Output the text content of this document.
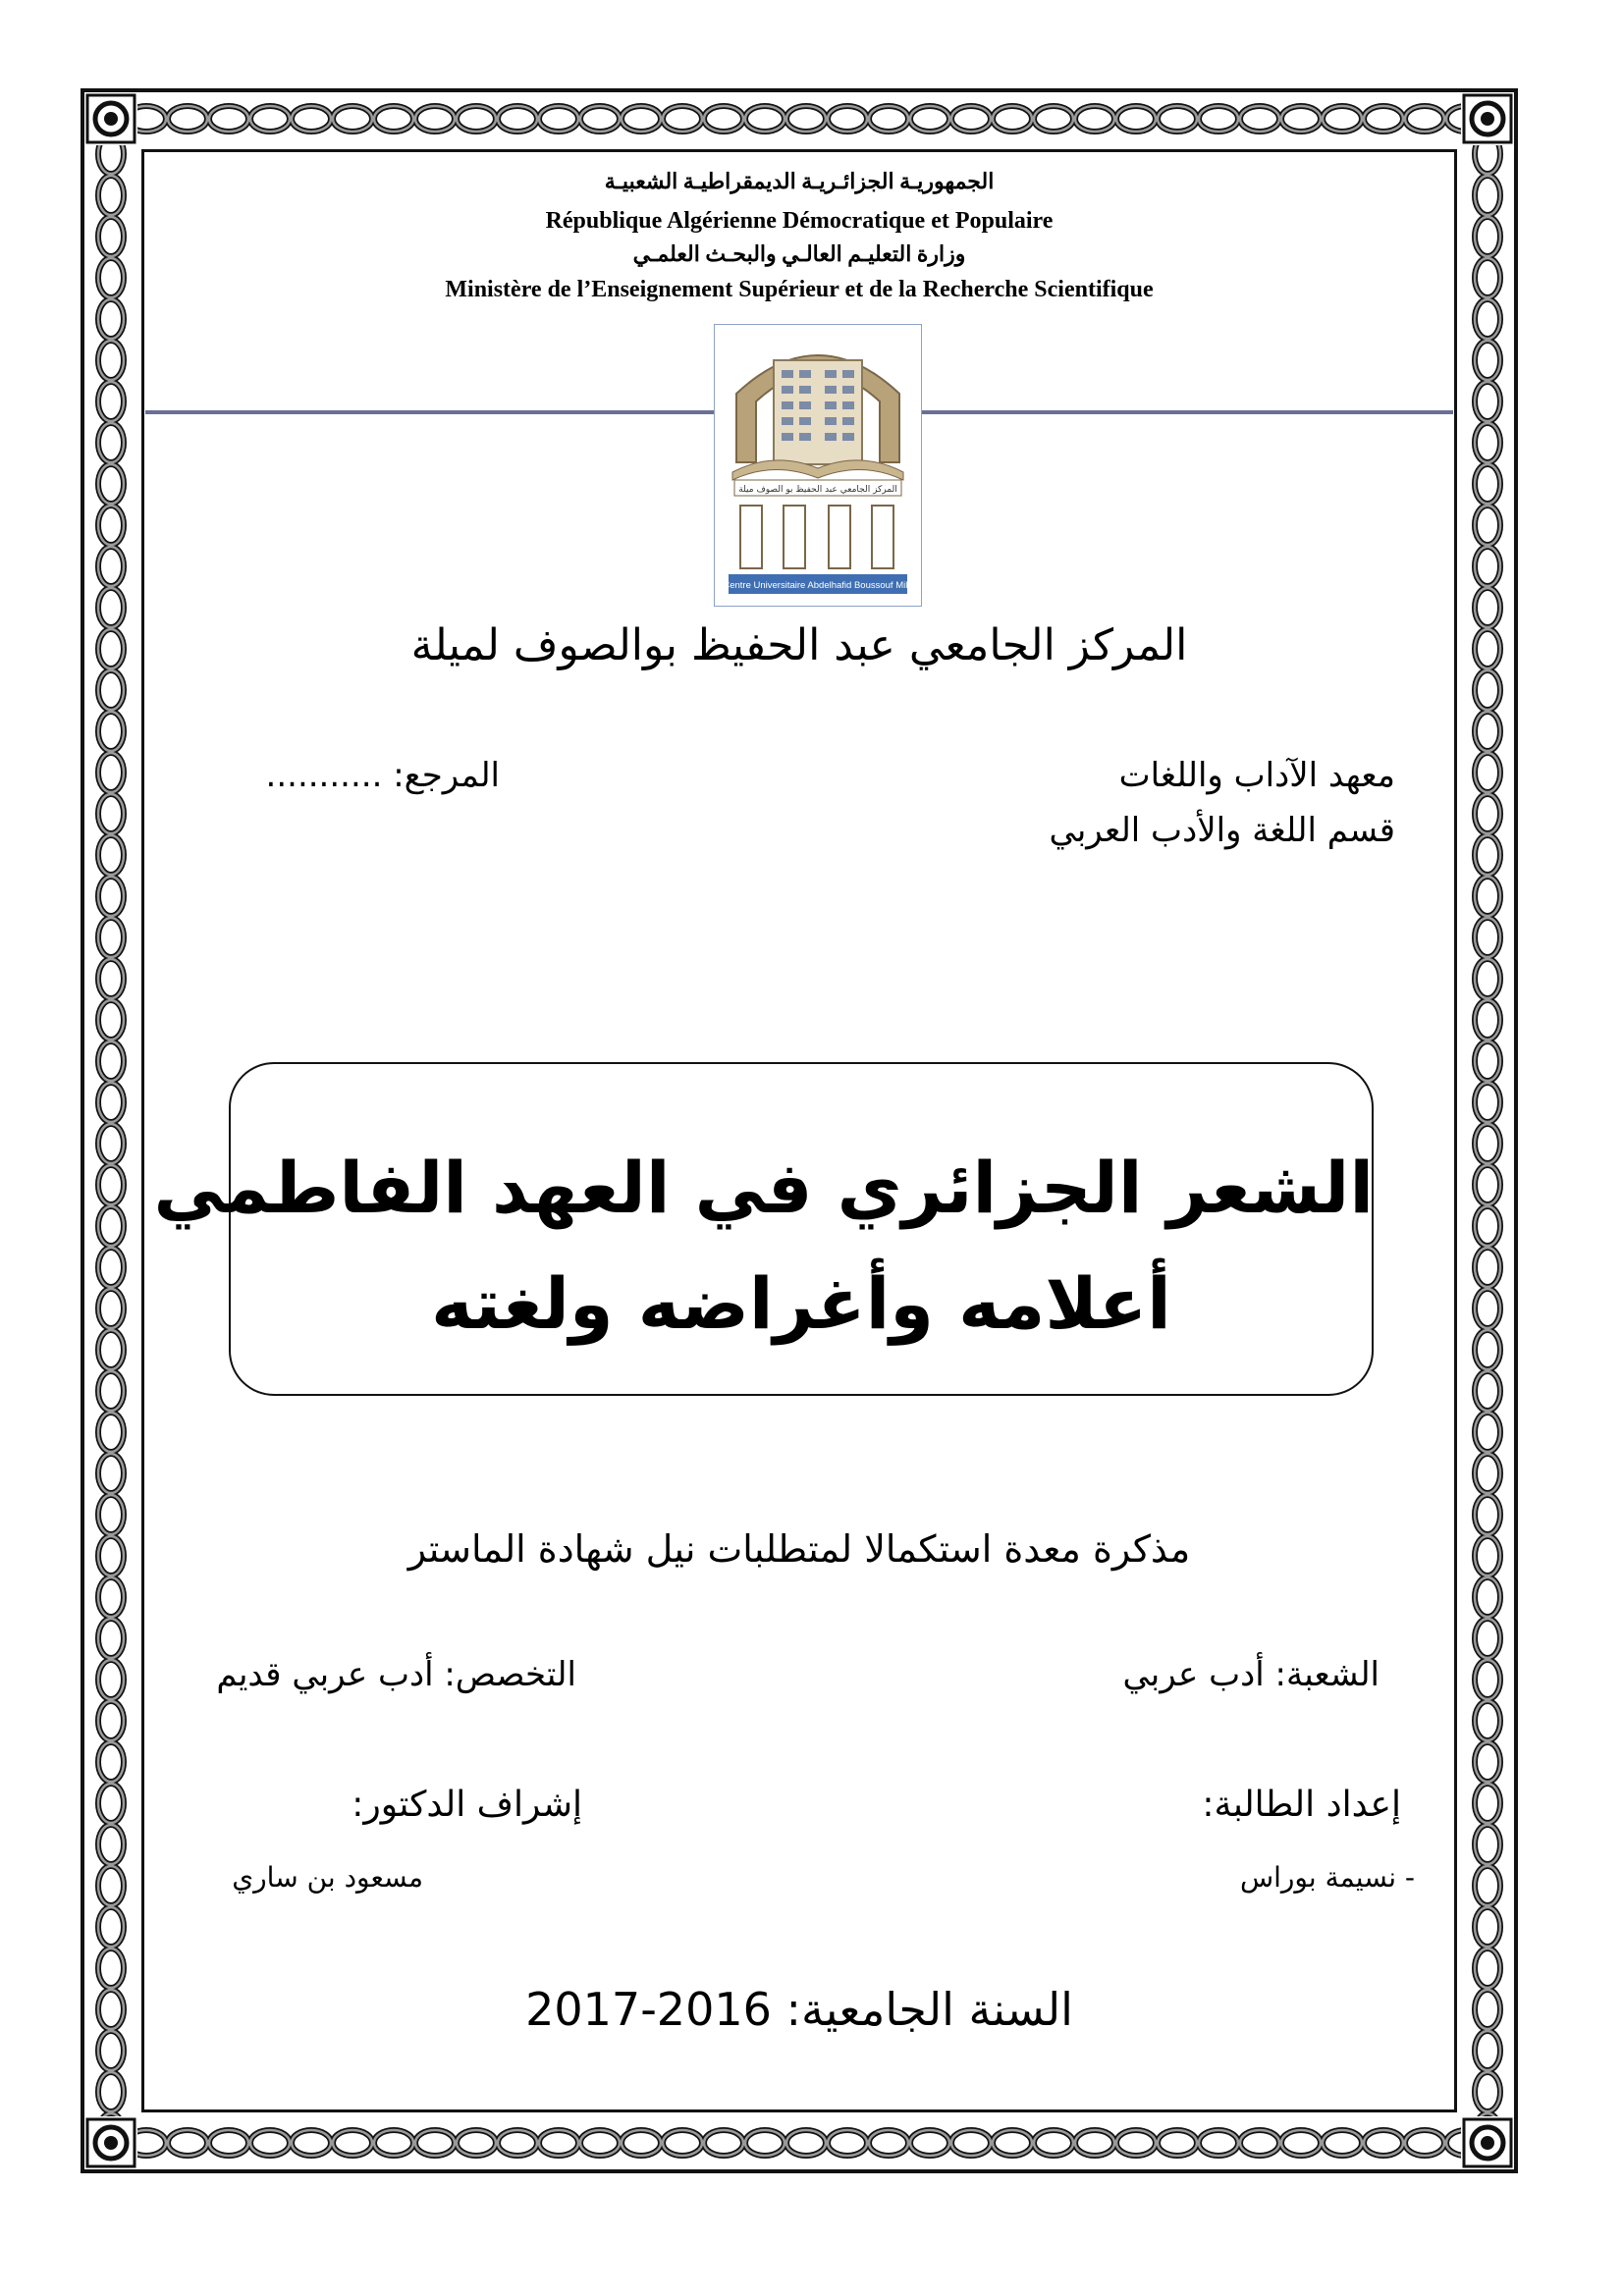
الجمهوريـة الجزائـريـة الديمقراطيـة الشعبيـة
République Algérienne Démocratique et Populaire
وزارة التعليـم العالـي والبحـث العلمـي
Ministère de l’Enseignement Supérieur et de la Recherche Scientifique
المركز الجامعي عبد الحفيظ بو الصوف ميلة
Centre Universitaire Abdelhafid Boussouf Mila
المركز الجامعي عبد الحفيظ بوالصوف لميلة
معهد الآداب واللغات
قسم اللغة والأدب العربي
المرجع: ...........
الشعر الجزائري في العهد الفاطمي
أعلامه وأغراضه ولغته
مذكرة معدة استكمالا لمتطلبات نيل شهادة الماستر
الشعبة: أدب عربي
التخصص: أدب عربي قديم
إعداد الطالبة:
إشراف الدكتور:
- نسيمة بوراس
مسعود بن ساري
السنة الجامعية: 2016-2017
